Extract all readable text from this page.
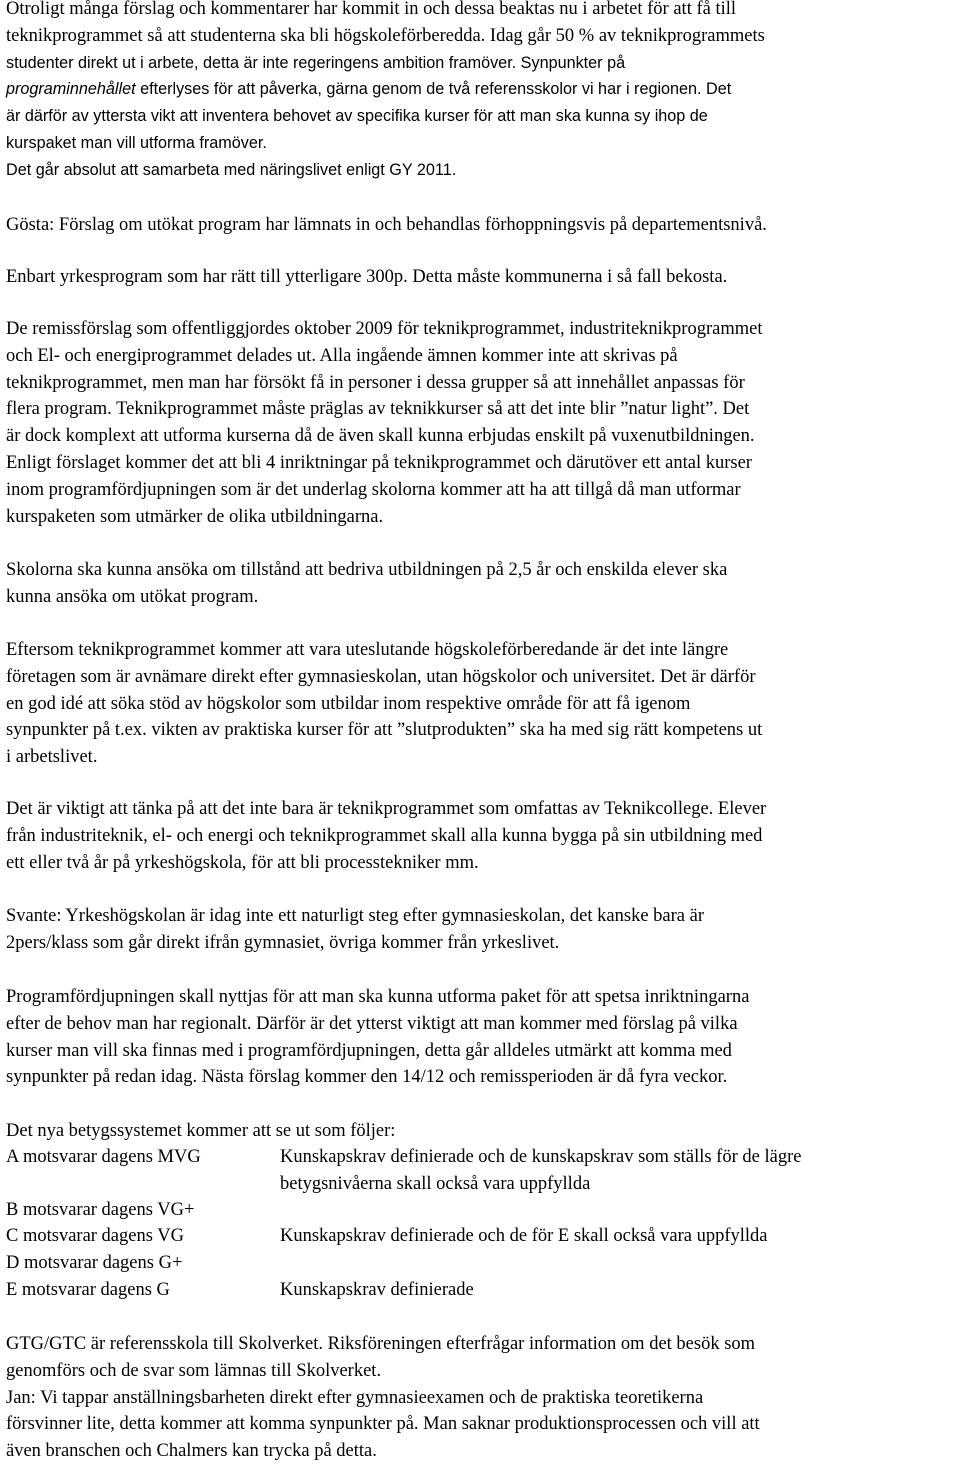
Otroligt många förslag och kommentarer har kommit in och dessa beaktas nu i arbetet för att få till
teknikprogrammet så att studenterna ska bli högskoleförberedda. Idag går 50 % av teknikprogrammets
studenter direkt ut i arbete, detta är inte regeringens ambition framöver. Synpunkter på
programinnehållet efterlyses för att påverka, gärna genom de två referensskolor vi har i regionen. Det
är därför av yttersta vikt att inventera behovet av specifika kurser för att man ska kunna sy ihop de
kurspaket man vill utforma framöver.
Det går absolut att samarbeta med näringslivet enligt GY 2011.
Gösta: Förslag om utökat program har lämnats in och behandlas förhoppningsvis på departementsnivå.
Enbart yrkesprogram som har rätt till ytterligare 300p. Detta måste kommunerna i så fall bekosta.
De remissförslag som offentliggjordes oktober 2009 för teknikprogrammet, industriteknikprogrammet
och El- och energiprogrammet delades ut. Alla ingående ämnen kommer inte att skrivas på
teknikprogrammet, men man har försökt få in personer i dessa grupper så att innehållet anpassas för
flera program. Teknikprogrammet måste präglas av teknikkurser så att det inte blir ”natur light”. Det
är dock komplext att utforma kurserna då de även skall kunna erbjudas enskilt på vuxenutbildningen.
Enligt förslaget kommer det att bli 4 inriktningar på teknikprogrammet och därutöver ett antal kurser
inom programfördjupningen som är det underlag skolorna kommer att ha att tillgå då man utformar
kurspaketen som utmärker de olika utbildningarna.
Skolorna ska kunna ansöka om tillstånd att bedriva utbildningen på 2,5 år och enskilda elever ska
kunna ansöka om utökat program.
Eftersom teknikprogrammet kommer att vara uteslutande högskoleförberedande är det inte längre
företagen som är avnämare direkt efter gymnasieskolan, utan högskolor och universitet. Det är därför
en god idé att söka stöd av högskolor som utbildar inom respektive område för att få igenom
synpunkter på t.ex. vikten av praktiska kurser för att ”slutprodukten” ska ha med sig rätt kompetens ut
i arbetslivet.
Det är viktigt att tänka på att det inte bara är teknikprogrammet som omfattas av Teknikcollege. Elever
från industriteknik, el- och energi och teknikprogrammet skall alla kunna bygga på sin utbildning med
ett eller två år på yrkeshögskola, för att bli processtekniker mm.
Svante: Yrkeshögskolan är idag inte ett naturligt steg efter gymnasieskolan, det kanske bara är
2pers/klass som går direkt ifrån gymnasiet, övriga kommer från yrkeslivet.
Programfördjupningen skall nyttjas för att man ska kunna utforma paket för att spetsa inriktningarna
efter de behov man har regionalt. Därför är det ytterst viktigt att man kommer med förslag på vilka
kurser man vill ska finnas med i programfördjupningen, detta går alldeles utmärkt att komma med
synpunkter på redan idag. Nästa förslag kommer den 14/12 och remissperioden är då fyra veckor.
Det nya betygssystemet kommer att se ut som följer:
A motsvarar dagens MVG	Kunskapskrav definierade och de kunskapskrav som ställs för de lägre
betygsnivåerna skall också vara uppfyllda
B motsvarar dagens VG+
C motsvarar dagens VG	Kunskapskrav definierade och de för E skall också vara uppfyllda
D motsvarar dagens G+
E motsvarar dagens G	Kunskapskrav definierade
GTG/GTC är referensskola till Skolverket. Riksföreningen efterfrågar information om det besök som
genomförs och de svar som lämnas till Skolverket.
Jan: Vi tappar anställningsbarheten direkt efter gymnasieexamen och de praktiska teoretikerna
försvinner lite, detta kommer att komma synpunkter på. Man saknar produktionsprocessen och vill att
även branschen och Chalmers kan trycka på detta.
